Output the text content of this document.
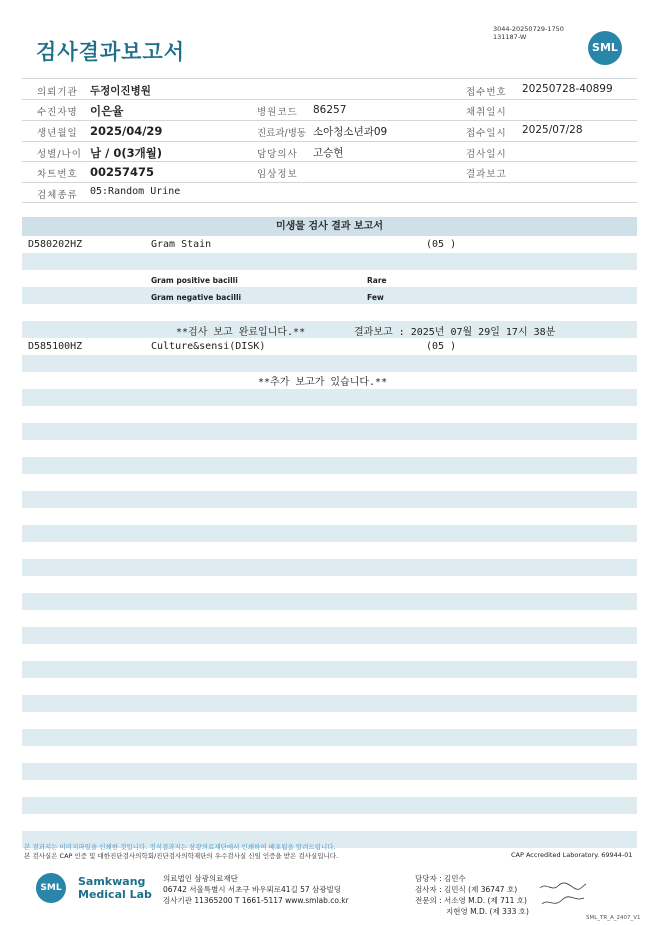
검사결과보고서
3044-20250729-1750
131187-W
SML
의뢰기관 두정이진병원	접수번호 20250728-40899
수진자명 이은율	병원코드 86257	채취일시
생년월일 2025/04/29	진료과/병동 소아청소년과09	접수일시 2025/07/28
성별/나이 남 / 0(3개월)	담당의사 고승현	검사일시
차트번호 00257475	임상정보	결과보고
검체종류 05:Random Urine
미생물 검사 결과 보고서
D580202HZ	Gram Stain	(05 )
Gram positive bacilli	Rare
Gram negative bacilli	Few
**검사 보고 완료입니다.**	결과보고 : 2025년 07월 29일 17시 38분
D585100HZ	Culture&sensi(DISK)	(05 )
**추가 보고가 있습니다.**
본 결과지는 이미지파일을 인쇄한 것입니다. 정식결과지는 삼광의료재단에서 인쇄하여 배포됨을 알려드립니다.
본 검사실은 CAP 인증 및 대한진단검사의학회/진단검사의학재단의 우수검사실 신임 인증을 받은 검사실입니다.	CAP Accredited Laboratory. 69944-01
SML	Samkwang
Medical Lab
의료법인 삼광의료재단
06742 서울특별시 서초구 바우뫼로41길 57 삼광빌딩
검사기관 11365200 T 1661-5117 www.smlab.co.kr
담당자 : 김민수
검사자 : 김민식 (제 36747 호)
전문의 : 서소영 M.D. (제 711 호)
지현영 M.D. (제 333 호)
SML_TR_A_2407_V1
